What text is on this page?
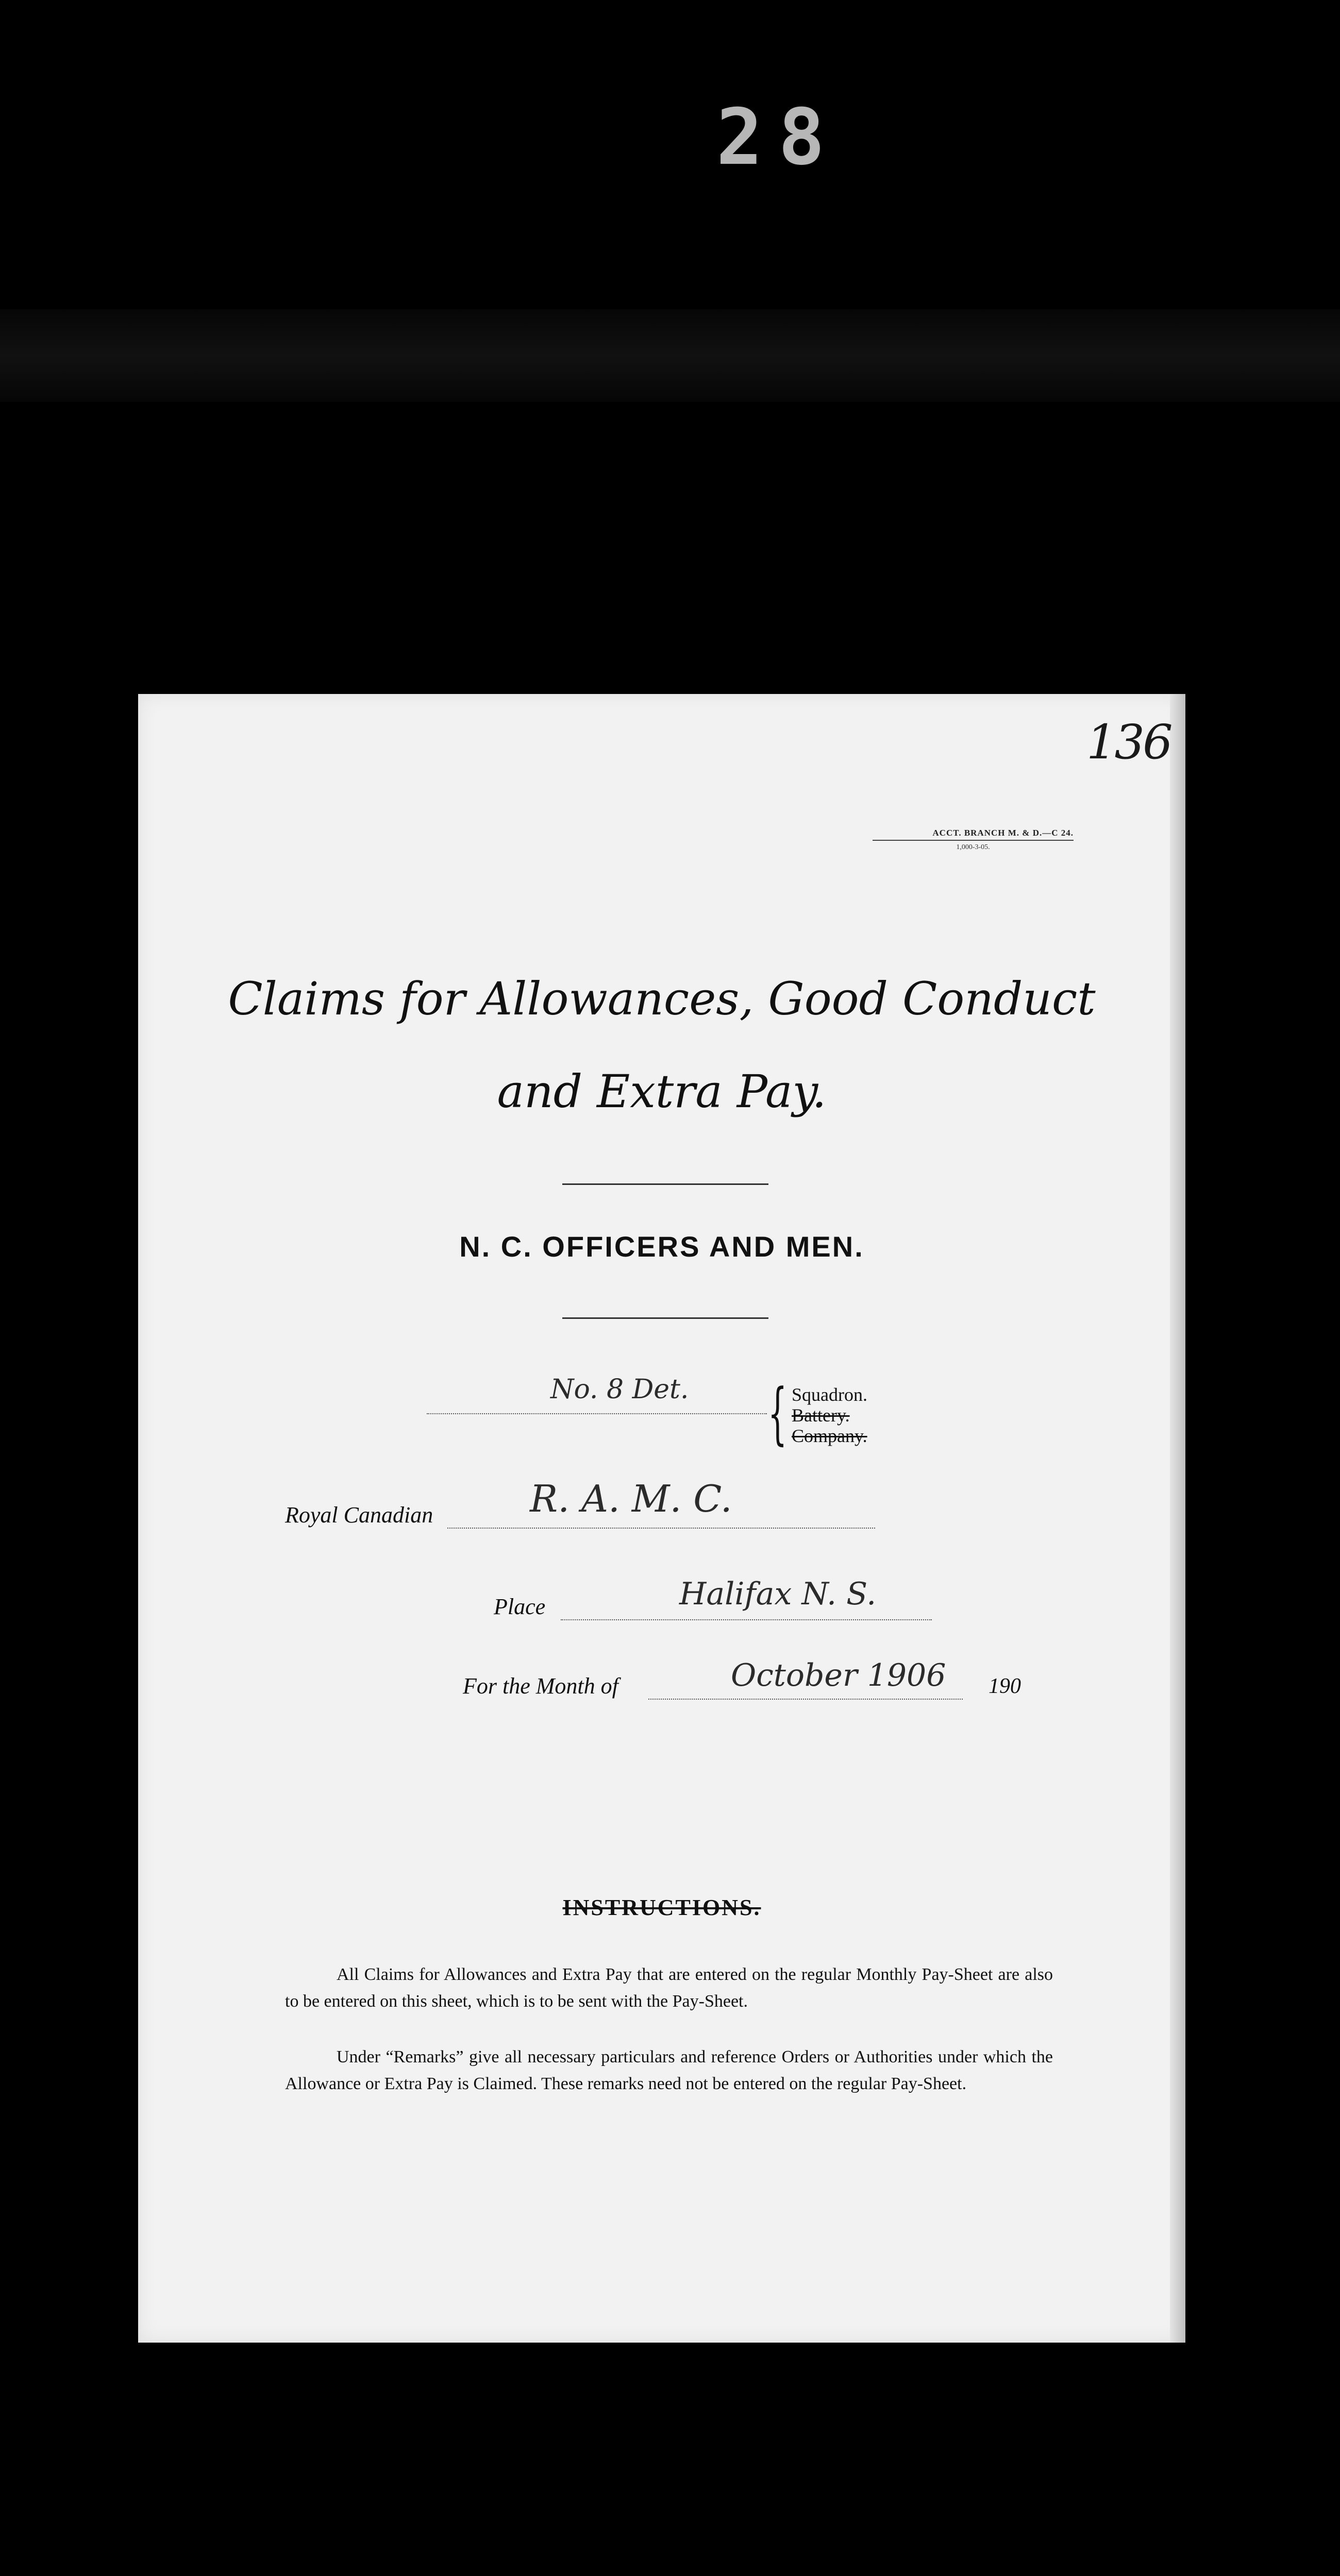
28
136
ACCT. BRANCH M. & D.—C 24.
1,000-3-05.
Claims for Allowances, Good Conduct
and Extra Pay.
N. C. OFFICERS AND MEN.
No. 8 Det. { Squadron.
Battery.
Company.
Royal Canadian	R. A. M. C.
Place	Halifax N. S.
For the Month of	October 1906 190
INSTRUCTIONS.
All Claims for Allowances and Extra Pay that are entered on the regular Monthly Pay-Sheet are also to be entered on this sheet, which is to be sent with the Pay-Sheet.
Under “Remarks” give all necessary particulars and reference Orders or Authorities under which the Allowance or Extra Pay is Claimed. These remarks need not be entered on the regular Pay-Sheet.
